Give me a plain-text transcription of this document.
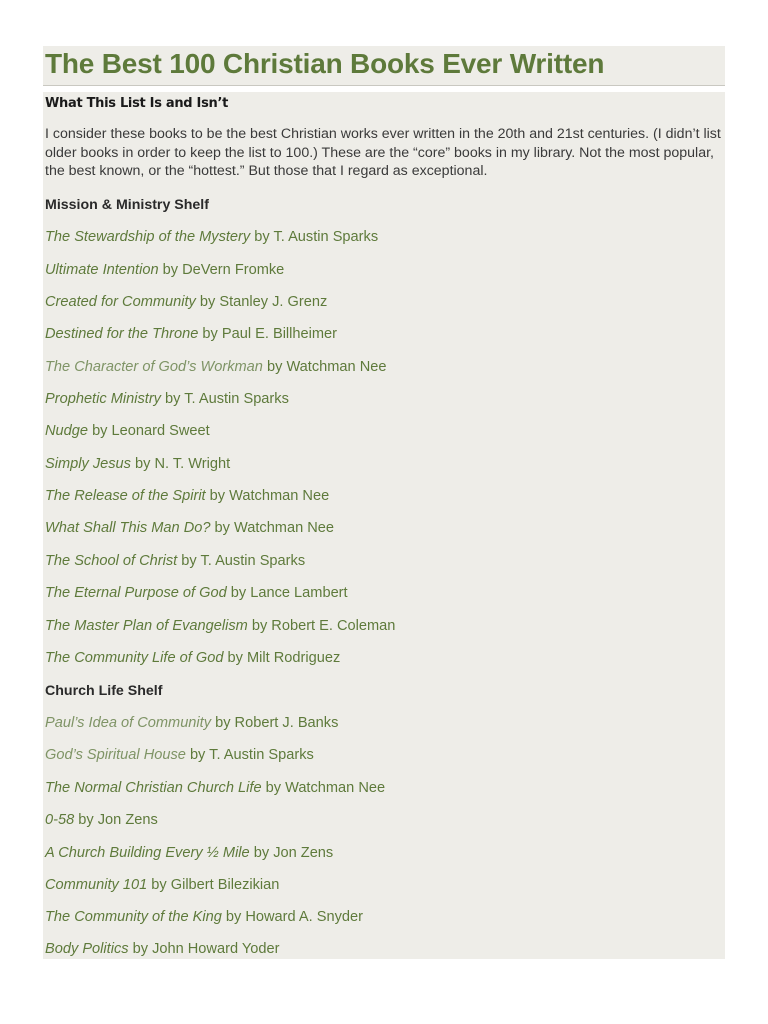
The Best 100 Christian Books Ever Written
What This List Is and Isn’t

I consider these books to be the best Christian works ever written in the 20th and 21st centuries. (I didn’t list older books in order to keep the list to 100.) These are the “core” books in my library. Not the most popular, the best known, or the “hottest.” But those that I regard as exceptional.

Mission & Ministry Shelf

The Stewardship of the Mystery by T. Austin Sparks

Ultimate Intention by DeVern Fromke

Created for Community by Stanley J. Grenz

Destined for the Throne by Paul E. Billheimer

The Character of God’s Workman by Watchman Nee

Prophetic Ministry by T. Austin Sparks

Nudge by Leonard Sweet

Simply Jesus by N. T. Wright

The Release of the Spirit by Watchman Nee

What Shall This Man Do? by Watchman Nee

The School of Christ by T. Austin Sparks

The Eternal Purpose of God by Lance Lambert

The Master Plan of Evangelism by Robert E. Coleman

The Community Life of God by Milt Rodriguez

Church Life Shelf

Paul’s Idea of Community by Robert J. Banks

God’s Spiritual House by T. Austin Sparks

The Normal Christian Church Life by Watchman Nee

0-58 by Jon Zens

A Church Building Every ½ Mile by Jon Zens

Community 101 by Gilbert Bilezikian

The Community of the King by Howard A. Snyder

Body Politics by John Howard Yoder
